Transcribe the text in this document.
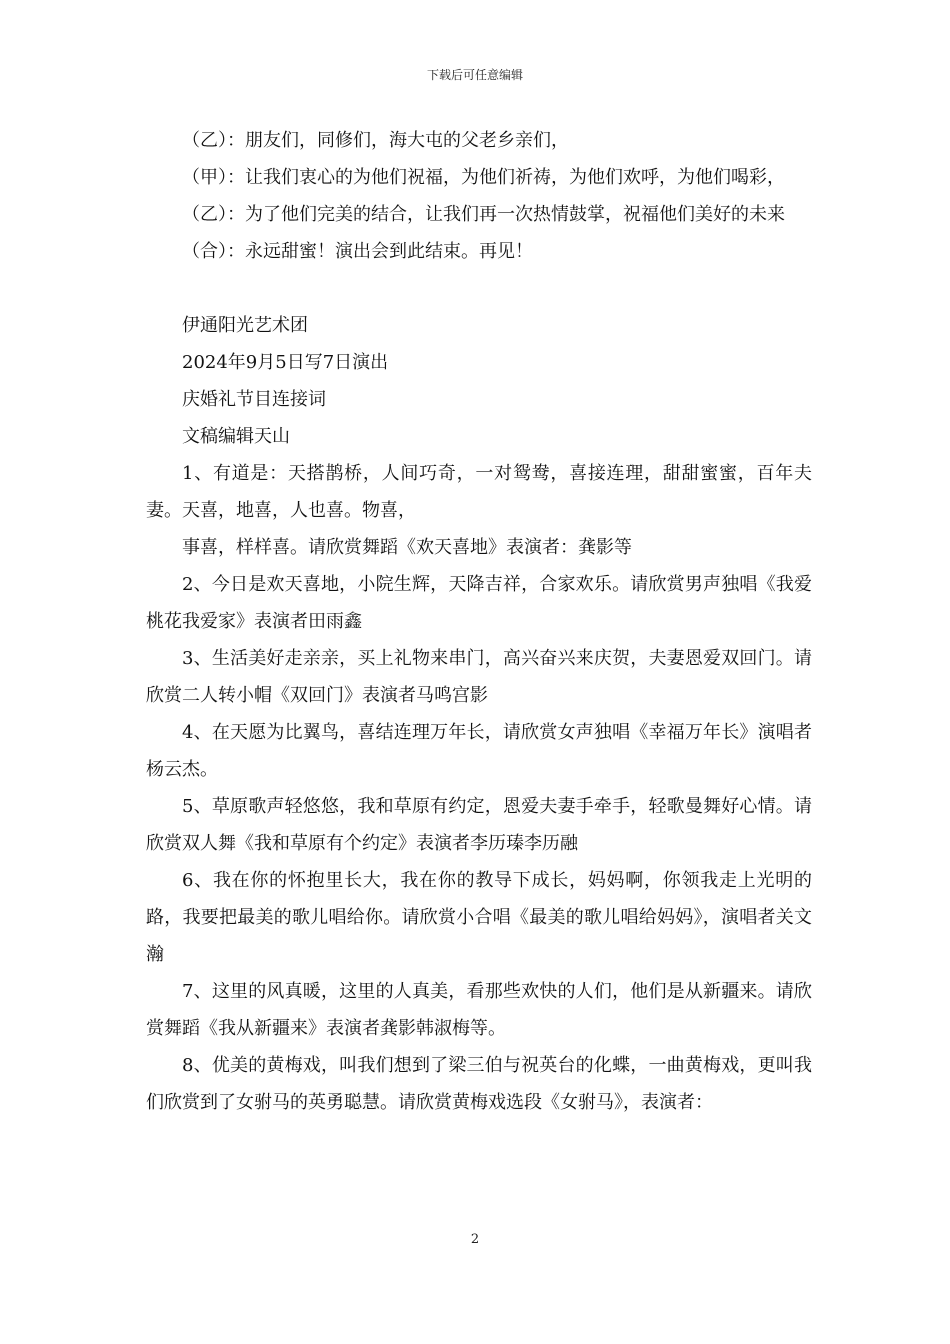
下载后可任意编辑

（乙）：朋友们，同修们，海大屯的父老乡亲们，

（甲）：让我们衷心的为他们祝福，为他们祈祷，为他们欢呼，为他们喝彩，

（乙）：为了他们完美的结合，让我们再一次热情鼓掌，祝福他们美好的未来

（合）：永远甜蜜！演出会到此结束。再见！

伊通阳光艺术团

2024年9月5日写7日演出

庆婚礼节目连接词

文稿编辑天山

1、有道是：天搭鹊桥，人间巧奇，一对鸳鸯，喜接连理，甜甜蜜蜜，百年夫妻。天喜，地喜，人也喜。物喜，

事喜，样样喜。请欣赏舞蹈《欢天喜地》表演者：龚影等

2、今日是欢天喜地，小院生辉，天降吉祥，合家欢乐。请欣赏男声独唱《我爱桃花我爱家》表演者田雨鑫

3、生活美好走亲亲，买上礼物来串门，高兴奋兴来庆贺，夫妻恩爱双回门。请欣赏二人转小帽《双回门》表演者马鸣宫影

4、在天愿为比翼鸟，喜结连理万年长，请欣赏女声独唱《幸福万年长》演唱者杨云杰。

5、草原歌声轻悠悠，我和草原有约定，恩爱夫妻手牵手，轻歌曼舞好心情。请欣赏双人舞《我和草原有个约定》表演者李历瑧李历融

6、我在你的怀抱里长大，我在你的教导下成长，妈妈啊，你领我走上光明的路，我要把最美的歌儿唱给你。请欣赏小合唱《最美的歌儿唱给妈妈》，演唱者关文瀚

7、这里的风真暖，这里的人真美，看那些欢快的人们，他们是从新疆来。请欣赏舞蹈《我从新疆来》表演者龚影韩淑梅等。

8、优美的黄梅戏，叫我们想到了梁三伯与祝英台的化蝶，一曲黄梅戏，更叫我们欣赏到了女驸马的英勇聪慧。请欣赏黄梅戏选段《女驸马》，表演者：

2
